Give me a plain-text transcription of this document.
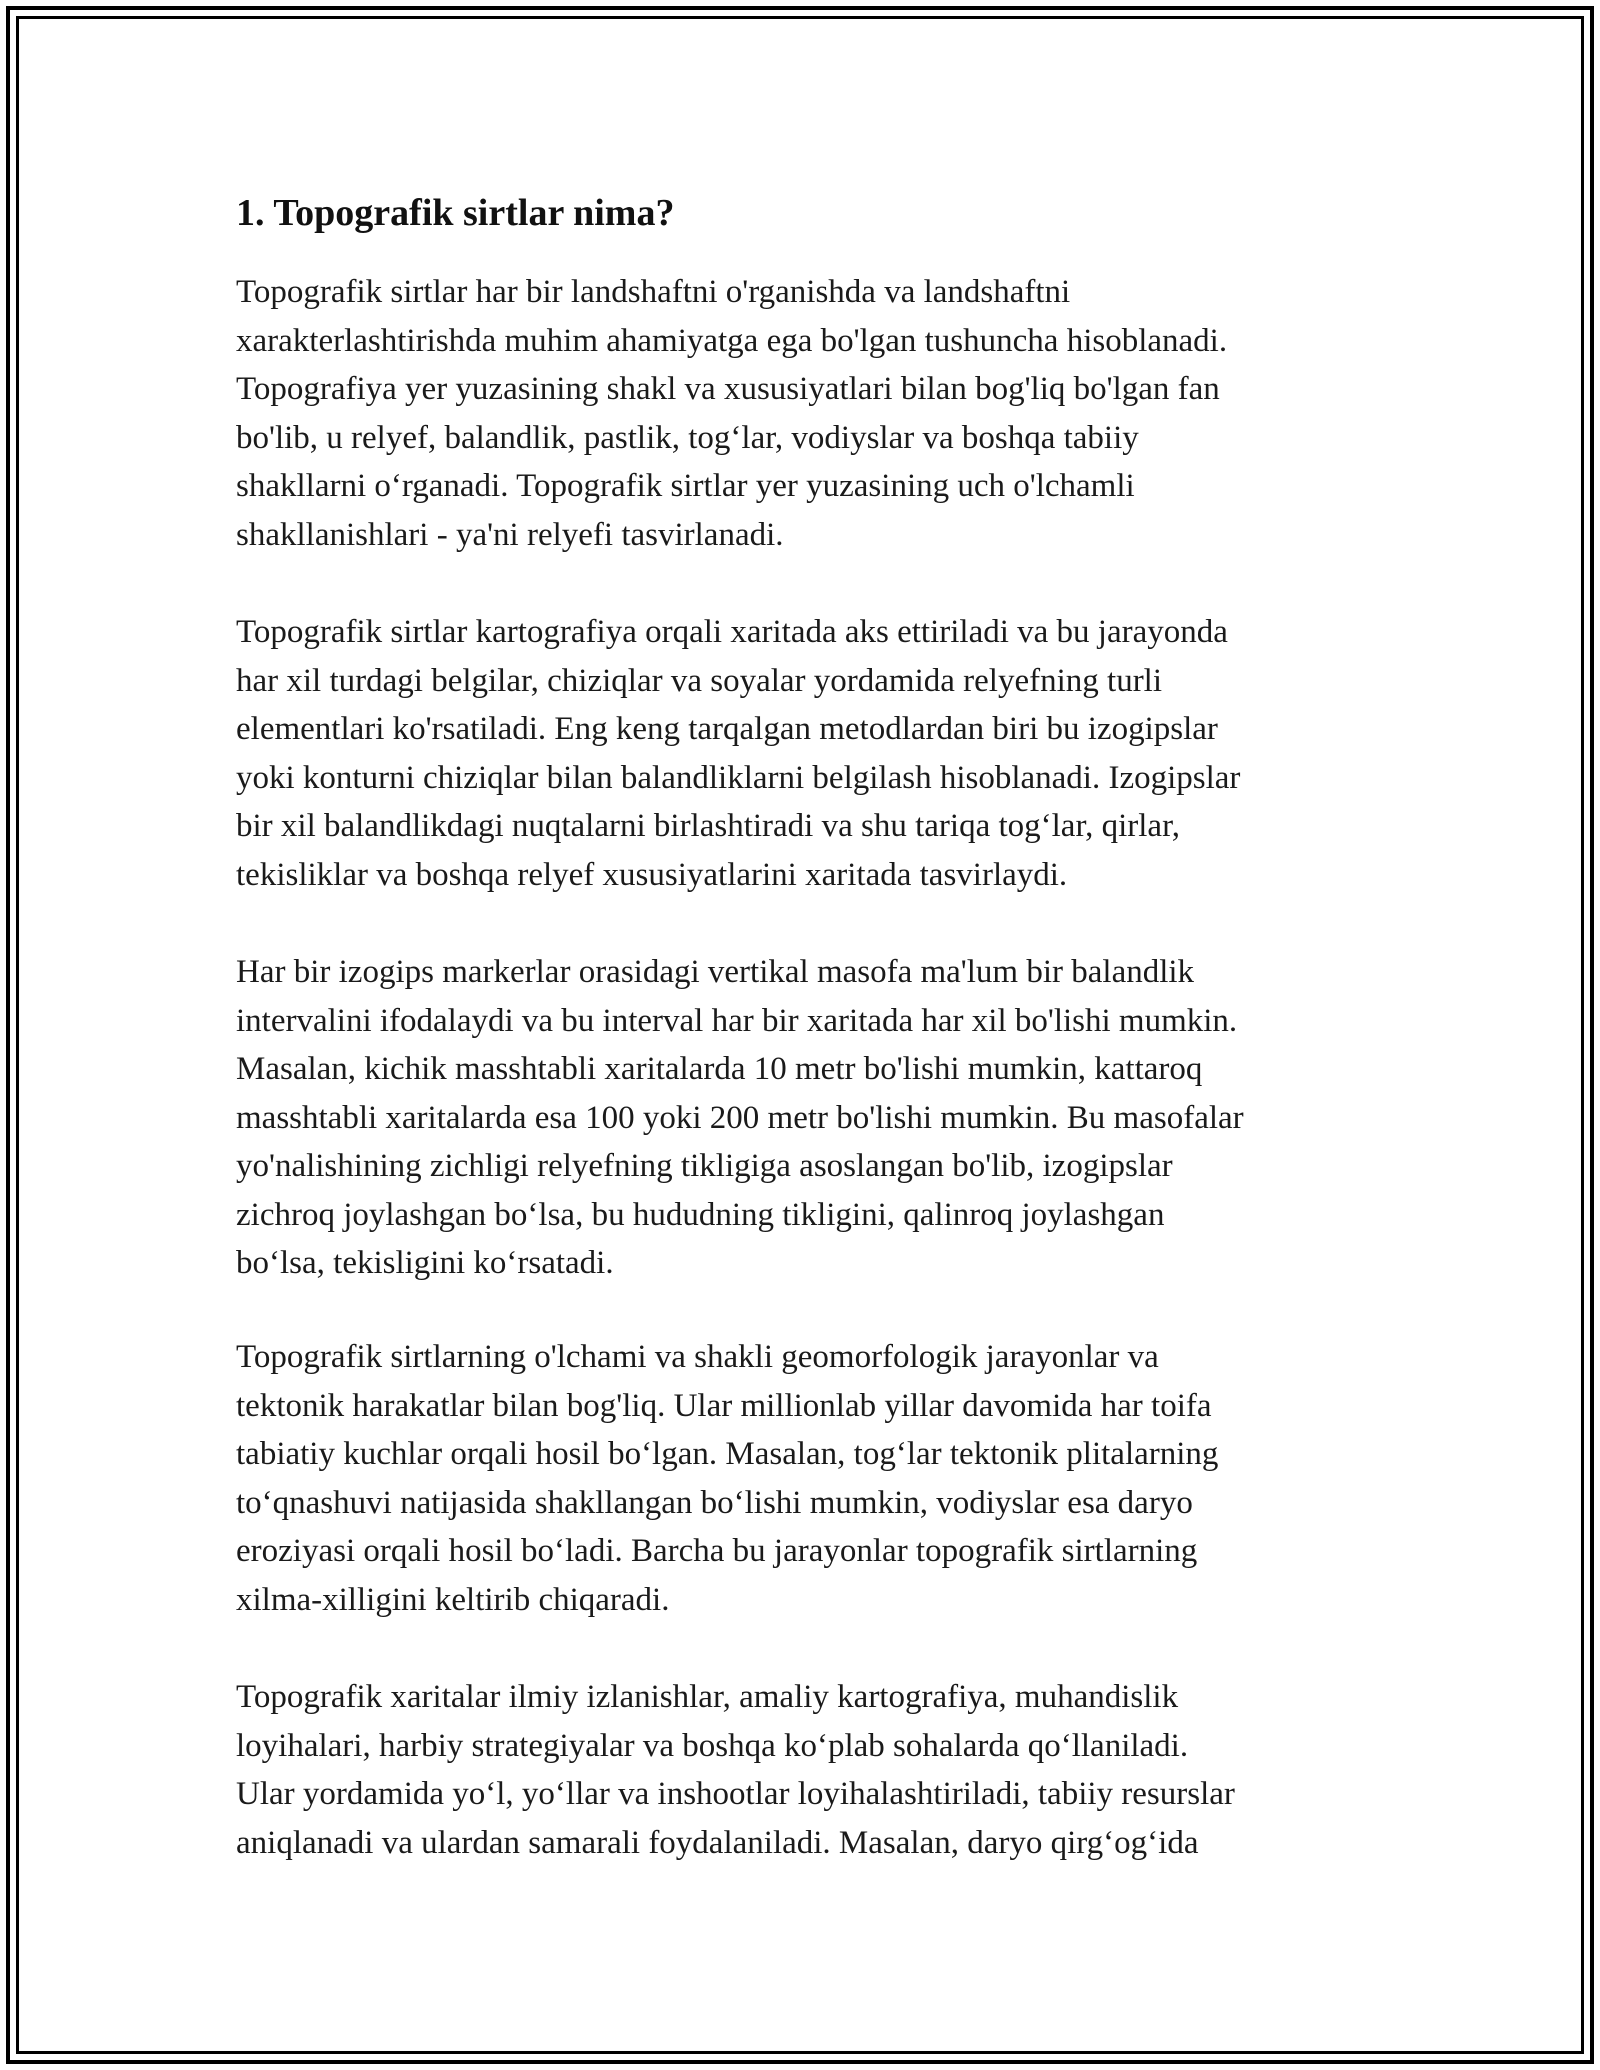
1. Topografik sirtlar nima?

Topografik sirtlar har bir landshaftni o'rganishda va landshaftni
xarakterlashtirishda muhim ahamiyatga ega bo'lgan tushuncha hisoblanadi.
Topografiya yer yuzasining shakl va xususiyatlari bilan bog'liq bo'lgan fan
bo'lib, u relyef, balandlik, pastlik, tog‘lar, vodiyslar va boshqa tabiiy
shakllarni o‘rganadi. Topografik sirtlar yer yuzasining uch o'lchamli
shakllanishlari - ya'ni relyefi tasvirlanadi.

Topografik sirtlar kartografiya orqali xaritada aks ettiriladi va bu jarayonda
har xil turdagi belgilar, chiziqlar va soyalar yordamida relyefning turli
elementlari ko'rsatiladi. Eng keng tarqalgan metodlardan biri bu izogipslar
yoki konturni chiziqlar bilan balandliklarni belgilash hisoblanadi. Izogipslar
bir xil balandlikdagi nuqtalarni birlashtiradi va shu tariqa tog‘lar, qirlar,
tekisliklar va boshqa relyef xususiyatlarini xaritada tasvirlaydi.

Har bir izogips markerlar orasidagi vertikal masofa ma'lum bir balandlik
intervalini ifodalaydi va bu interval har bir xaritada har xil bo'lishi mumkin.
Masalan, kichik masshtabli xaritalarda 10 metr bo'lishi mumkin, kattaroq
masshtabli xaritalarda esa 100 yoki 200 metr bo'lishi mumkin. Bu masofalar
yo'nalishining zichligi relyefning tikligiga asoslangan bo'lib, izogipslar
zichroq joylashgan bo‘lsa, bu hududning tikligini, qalinroq joylashgan
bo‘lsa, tekisligini ko‘rsatadi.

Topografik sirtlarning o'lchami va shakli geomorfologik jarayonlar va
tektonik harakatlar bilan bog'liq. Ular millionlab yillar davomida har toifa
tabiatiy kuchlar orqali hosil bo‘lgan. Masalan, tog‘lar tektonik plitalarning
to‘qnashuvi natijasida shakllangan bo‘lishi mumkin, vodiyslar esa daryo
eroziyasi orqali hosil bo‘ladi. Barcha bu jarayonlar topografik sirtlarning
xilma-xilligini keltirib chiqaradi.

Topografik xaritalar ilmiy izlanishlar, amaliy kartografiya, muhandislik
loyihalari, harbiy strategiyalar va boshqa ko‘plab sohalarda qo‘llaniladi.
Ular yordamida yo‘l, yo‘llar va inshootlar loyihalashtiriladi, tabiiy resurslar
aniqlanadi va ulardan samarali foydalaniladi. Masalan, daryo qirg‘og‘ida
